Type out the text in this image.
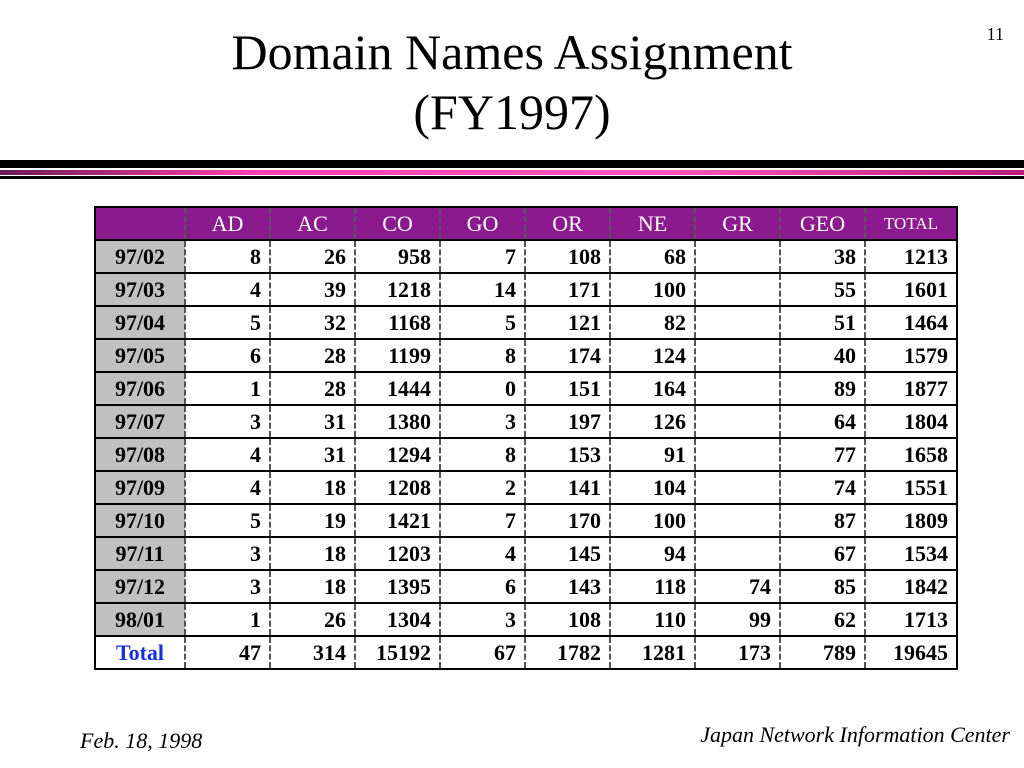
11
Domain Names Assignment
(FY1997)
	AD	AC	CO	GO	OR	NE	GR	GEO	TOTAL
97/02	8	26	958	7	108	68		38	1213
97/03	4	39	1218	14	171	100		55	1601
97/04	5	32	1168	5	121	82		51	1464
97/05	6	28	1199	8	174	124		40	1579
97/06	1	28	1444	0	151	164		89	1877
97/07	3	31	1380	3	197	126		64	1804
97/08	4	31	1294	8	153	91		77	1658
97/09	4	18	1208	2	141	104		74	1551
97/10	5	19	1421	7	170	100		87	1809
97/11	3	18	1203	4	145	94		67	1534
97/12	3	18	1395	6	143	118	74	85	1842
98/01	1	26	1304	3	108	110	99	62	1713
Total	47	314	15192	67	1782	1281	173	789	19645
Feb. 18, 1998	Japan Network Information Center
